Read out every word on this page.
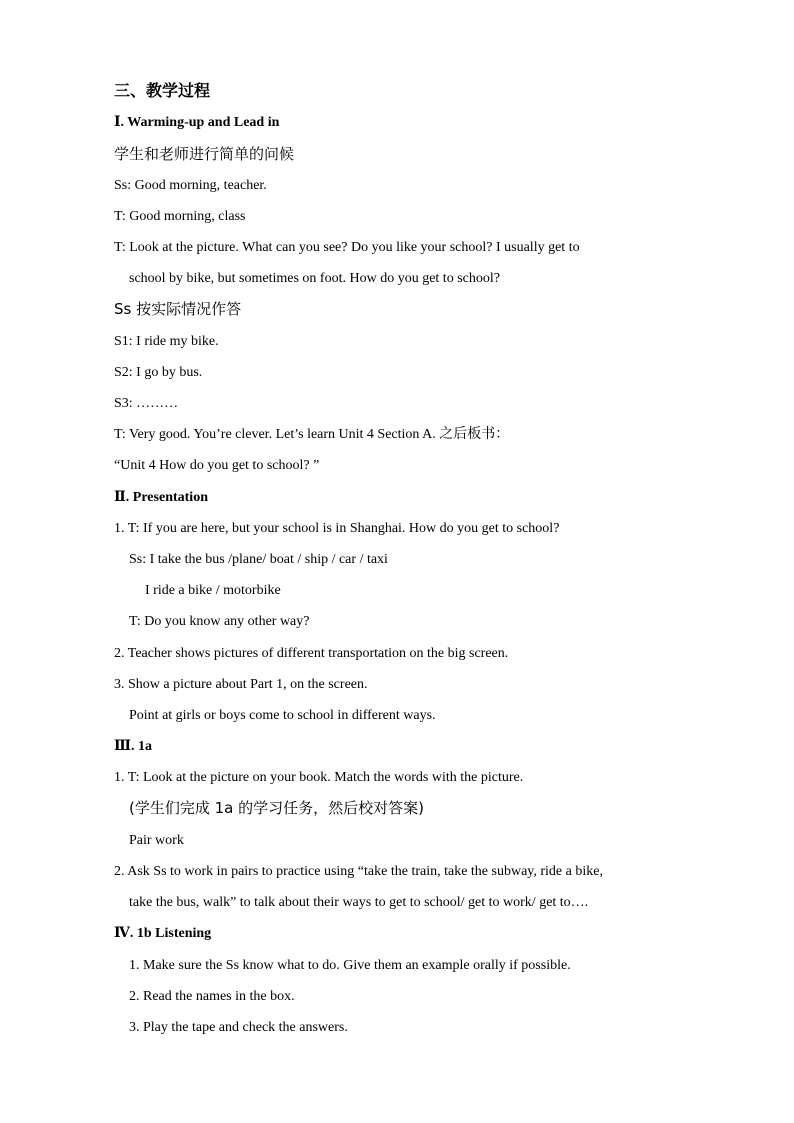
三、教学过程
Ⅰ. Warming-up and Lead in
学生和老师进行简单的问候
Ss: Good morning, teacher.
T: Good morning, class
T: Look at the picture. What can you see? Do you like your school? I usually get to
school by bike, but sometimes on foot. How do you get to school?
Ss 按实际情况作答
S1: I ride my bike.
S2: I go by bus.
S3: ………
T: Very good. You’re clever. Let’s learn Unit 4 Section A. 之后板书：
“Unit 4 How do you get to school? ”
Ⅱ. Presentation
1. T: If you are here, but your school is in Shanghai. How do you get to school?
Ss: I take the bus /plane/ boat / ship / car / taxi
I ride a bike / motorbike
T: Do you know any other way?
2. Teacher shows pictures of different transportation on the big screen.
3. Show a picture about Part 1, on the screen.
Point at girls or boys come to school in different ways.
Ⅲ. 1a
1. T: Look at the picture on your book. Match the words with the picture.
(学生们完成 1a 的学习任务，然后校对答案)
Pair work
2. Ask Ss to work in pairs to practice using “take the train, take the subway, ride a bike,
take the bus, walk” to talk about their ways to get to school/ get to work/ get to….
Ⅳ. 1b Listening
1. Make sure the Ss know what to do. Give them an example orally if possible.
2. Read the names in the box.
3. Play the tape and check the answers.
